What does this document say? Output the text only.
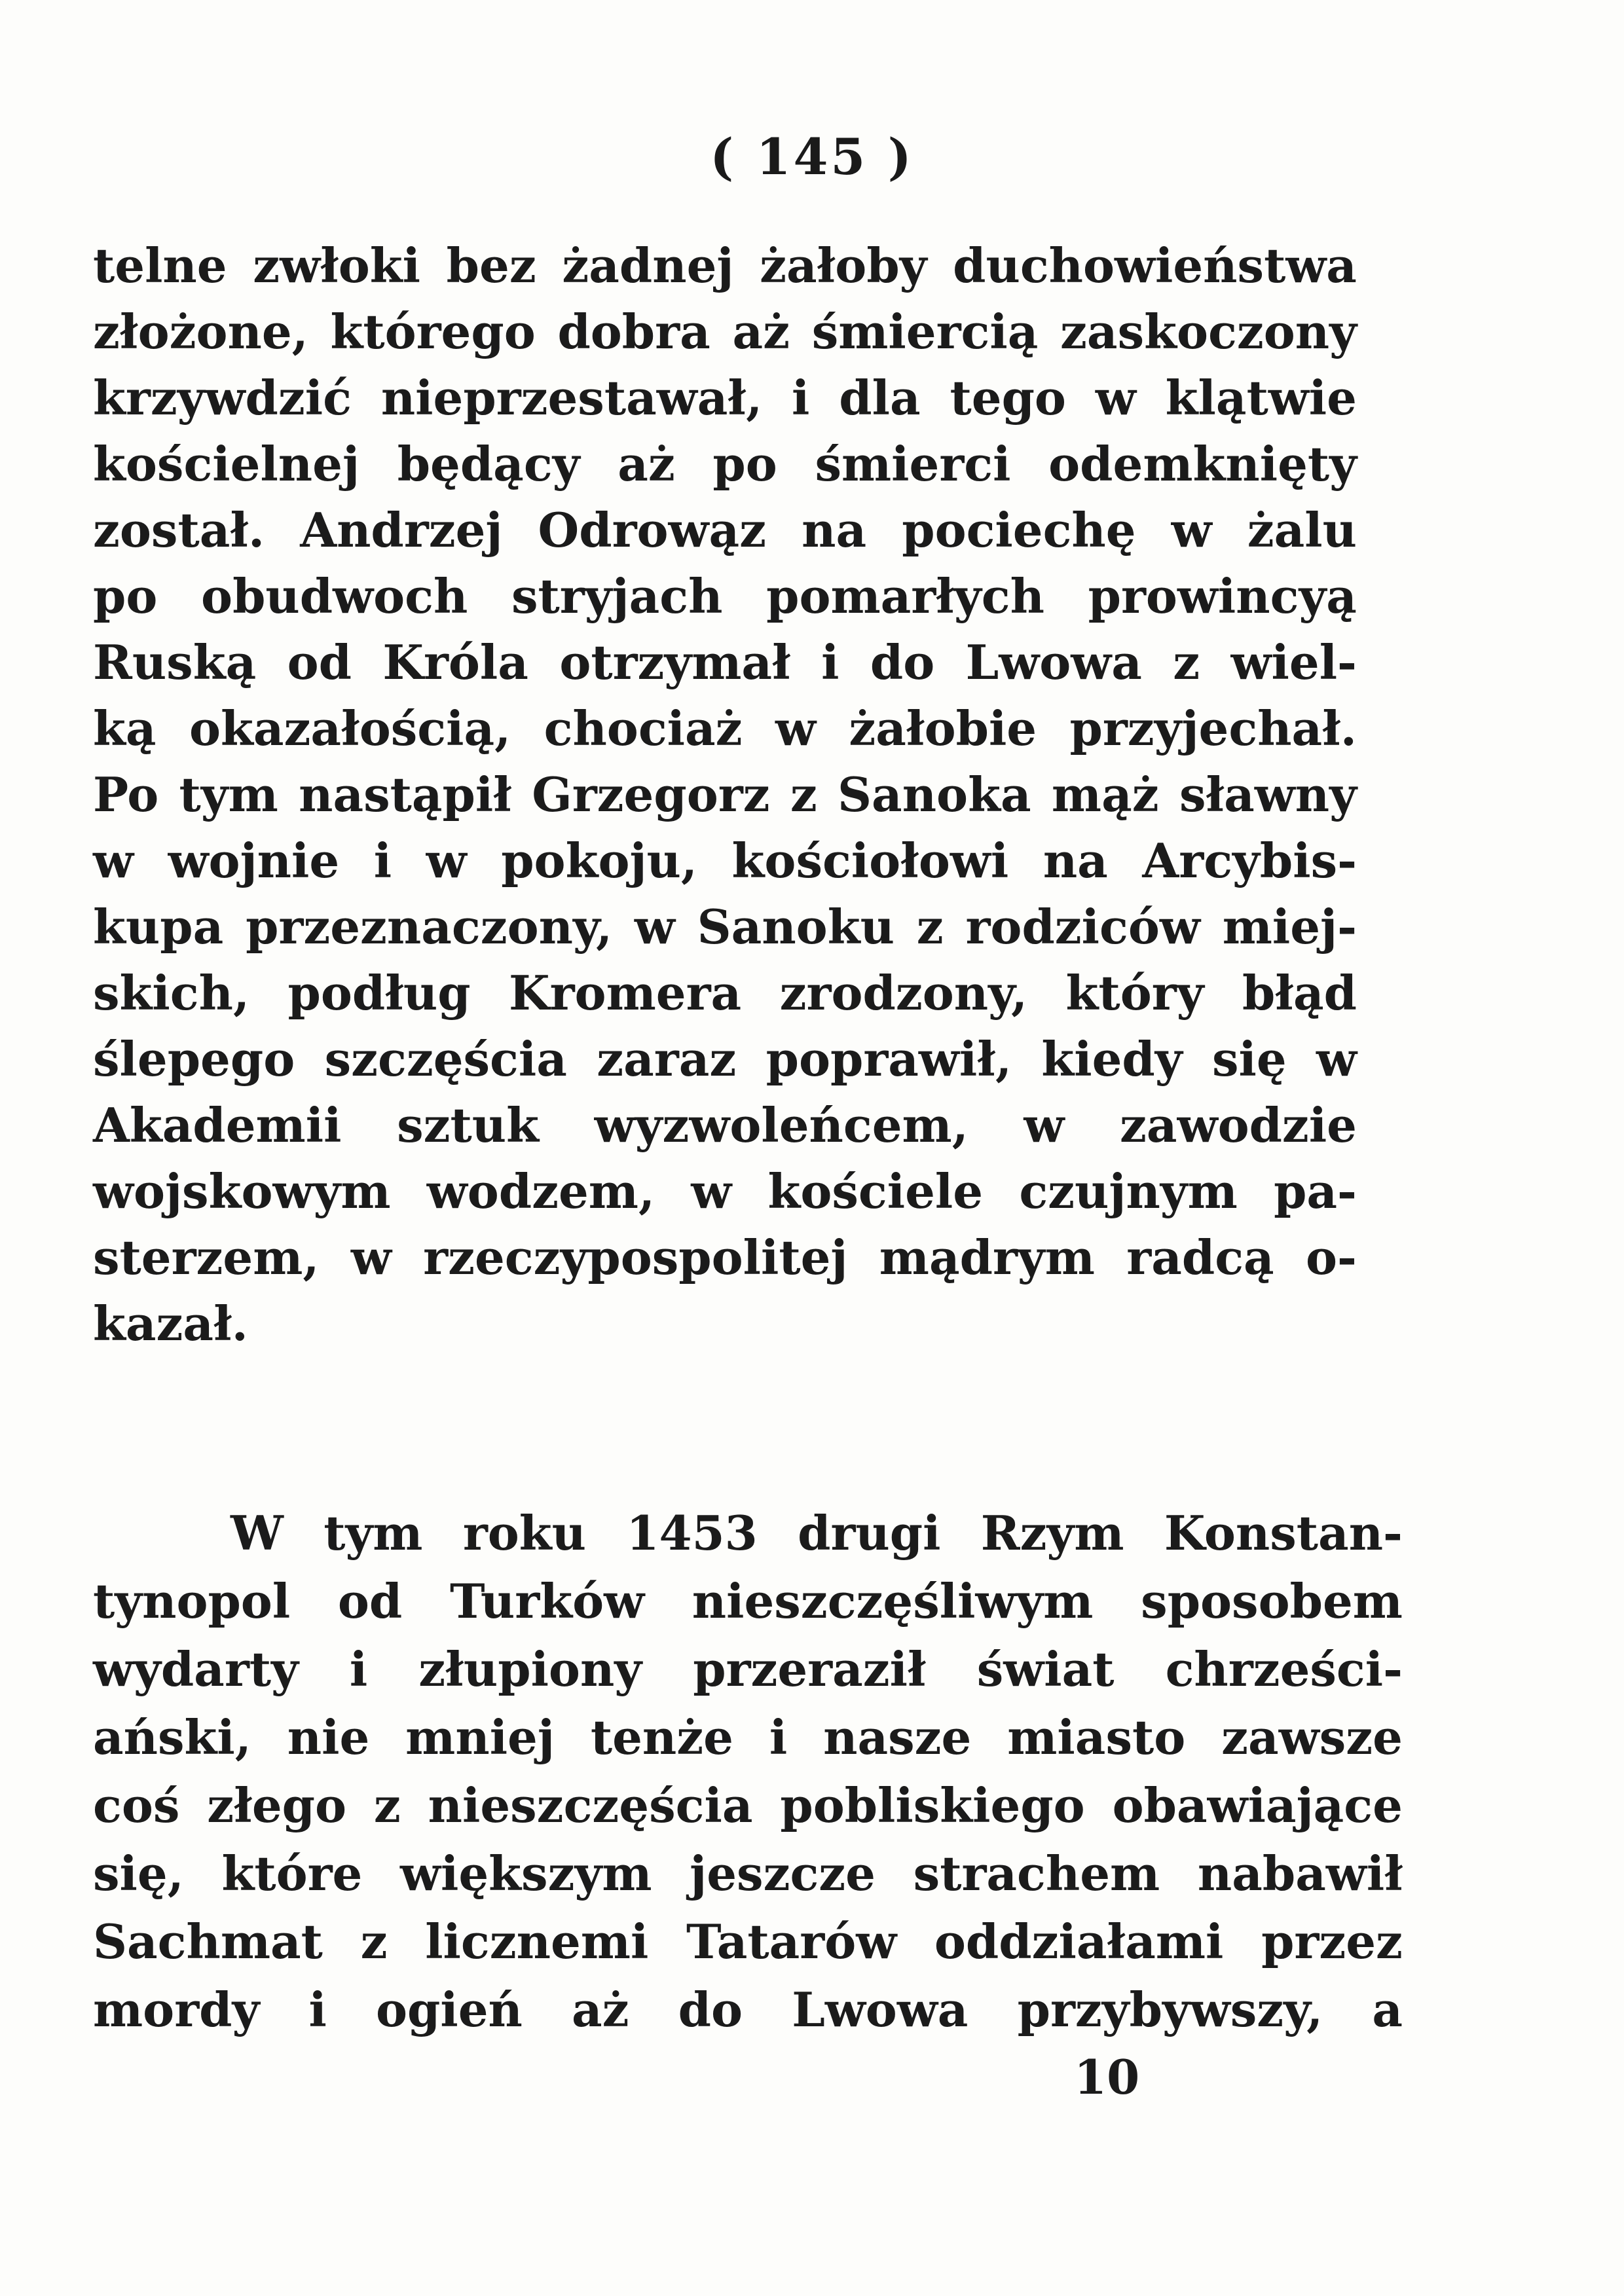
( 145 )
telne zwłoki bez żadnej żałoby duchowieństwa
złożone, którego dobra aż śmiercią zaskoczony
krzywdzić nieprzestawał, i dla tego w klątwie
kościelnej będący aż po śmierci odemknięty
został. Andrzej Odrowąz na pociechę w żalu
po obudwoch stryjach pomarłych prowincyą
Ruską od Króla otrzymał i do Lwowa z wiel-
ką okazałością, chociaż w żałobie przyjechał.
Po tym nastąpił Grzegorz z Sanoka mąż sławny
w wojnie i w pokoju, kościołowi na Arcybis-
kupa przeznaczony, w Sanoku z rodziców miej-
skich, podług Kromera zrodzony, który błąd
ślepego szczęścia zaraz poprawił, kiedy się w
Akademii sztuk wyzwoleńcem, w zawodzie
wojskowym wodzem, w kościele czujnym pa-
sterzem, w rzeczypospolitej mądrym radcą o-
kazał.
W tym roku 1453 drugi Rzym Konstan-
tynopol od Turków nieszczęśliwym sposobem
wydarty i złupiony przeraził świat chrześci-
ański, nie mniej tenże i nasze miasto zawsze
coś złego z nieszczęścia pobliskiego obawiające
się, które większym jeszcze strachem nabawił
Sachmat z licznemi Tatarów oddziałami przez
mordy i ogień aż do Lwowa przybywszy, a
10
